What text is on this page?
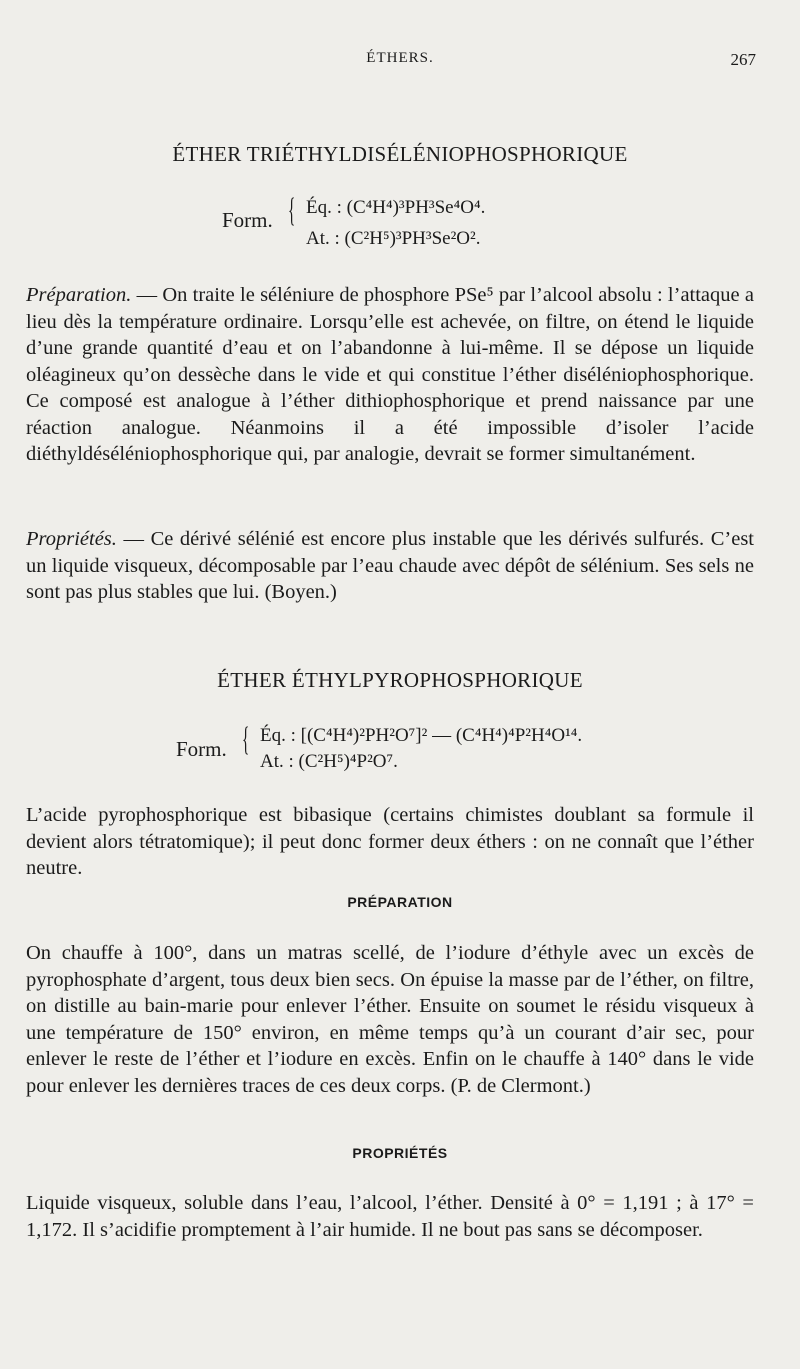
ÉTHERS.	267
ÉTHER TRIÉTHYLDISÉLÉNIOPHOSPHORIQUE
Form. { Éq. : (C⁴H⁴)³PH³Se⁴O⁴.
At. : (C²H⁵)³PH³Se²O².
Préparation. — On traite le séléniure de phosphore PSe⁵ par l’alcool absolu : l’attaque a lieu dès la température ordinaire. Lorsqu’elle est achevée, on filtre, on étend le liquide d’une grande quantité d’eau et on l’abandonne à lui-même. Il se dépose un liquide oléagineux qu’on dessèche dans le vide et qui constitue l’éther diséléniophosphorique. Ce composé est analogue à l’éther dithiophosphorique et prend naissance par une réaction analogue. Néanmoins il a été impossible d’isoler l’acide diéthyldéséléniophosphorique qui, par analogie, devrait se former simultanément.
Propriétés. — Ce dérivé sélénié est encore plus instable que les dérivés sulfurés. C’est un liquide visqueux, décomposable par l’eau chaude avec dépôt de sélénium. Ses sels ne sont pas plus stables que lui. (Boyen.)
ÉTHER ÉTHYLPYROPHOSPHORIQUE
Form. { Éq. : [(C⁴H⁴)²PH²O⁷]² — (C⁴H⁴)⁴P²H⁴O¹⁴.
At. : (C²H⁵)⁴P²O⁷.
L’acide pyrophosphorique est bibasique (certains chimistes doublant sa formule il devient alors tétratomique); il peut donc former deux éthers : on ne connaît que l’éther neutre.
PRÉPARATION
On chauffe à 100°, dans un matras scellé, de l’iodure d’éthyle avec un excès de pyrophosphate d’argent, tous deux bien secs. On épuise la masse par de l’éther, on filtre, on distille au bain-marie pour enlever l’éther. Ensuite on soumet le résidu visqueux à une température de 150° environ, en même temps qu’à un courant d’air sec, pour enlever le reste de l’éther et l’iodure en excès. Enfin on le chauffe à 140° dans le vide pour enlever les dernières traces de ces deux corps. (P. de Clermont.)
PROPRIÉTÉS
Liquide visqueux, soluble dans l’eau, l’alcool, l’éther. Densité à 0° = 1,191 ; à 17° = 1,172. Il s’acidifie promptement à l’air humide. Il ne bout pas sans se décomposer.
